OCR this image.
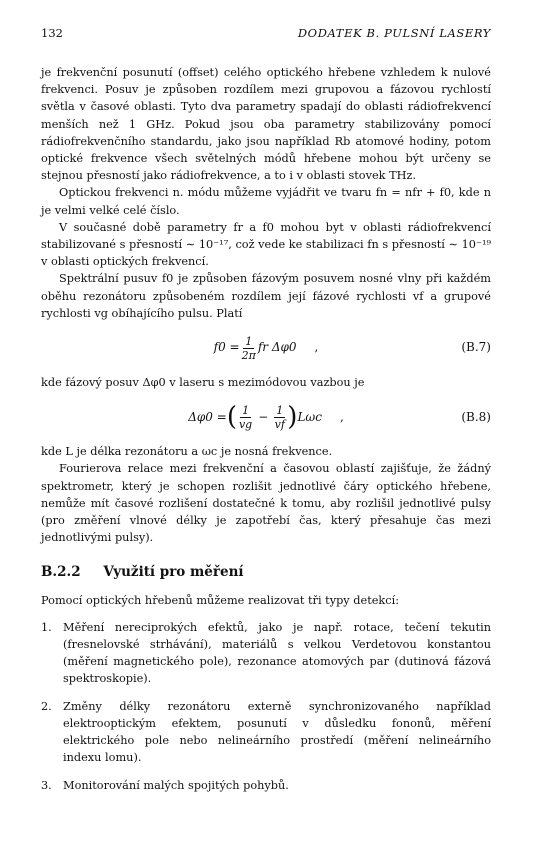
132	DODATEK B. PULSNÍ LASERY

je frekvenční posunutí (offset) celého optického hřebene vzhledem k nulové frekvenci. Posuv je způsoben rozdílem mezi grupovou a fázovou rychlostí světla v časové oblasti. Tyto dva parametry spadají do oblasti rádiofrekvencí menších než 1 GHz. Pokud jsou oba parametry stabilizovány pomocí rádiofrekvenčního standardu, jako jsou například Rb atomové hodiny, potom optické frekvence všech světelných módů hřebene mohou být určeny se stejnou přesností jako rádiofrekvence, a to i v oblasti stovek THz.

Optickou frekvenci n. módu můžeme vyjádřit ve tvaru fn = nfr + f0, kde n je velmi velké celé číslo.

V současné době parametry fr a f0 mohou byt v oblasti rádiofrekvencí stabilizované s přesností ∼ 10⁻¹⁷, což vede ke stabilizaci fn s přesností ∼ 10⁻¹⁹ v oblasti optických frekvencí.

Spektrální pusuv f0 je způsoben fázovým posuvem nosné vlny při každém oběhu rezonátoru způsobeném rozdílem její fázové rychlosti vf a grupové rychlosti vg obíhajícího pulsu. Platí

$f0 = \frac{1}{2\pi}$ fr Δφ0 ,	(B.7)

kde fázový posuv Δφ0 v laseru s mezimódovou vazbou je

Δφ0 = ( $\frac{1}{vg} - \frac{1}{vf}$ ) Lωc ,	(B.8)

kde L je délka rezonátoru a ωc je nosná frekvence.

Fourierova relace mezi frekvenční a časovou oblastí zajišťuje, že žádný spektrometr, který je schopen rozlišit jednotlivé čáry optického hřebene, nemůže mít časové rozlišení dostatečné k tomu, aby rozlišil jednotlivé pulsy (pro změření vlnové délky je zapotřebí čas, který přesahuje čas mezi jednotlivými pulsy).

B.2.2 Využití pro měření

Pomocí optických hřebenů můžeme realizovat tři typy detekcí:

1. Měření nereciprokých efektů, jako je např. rotace, tečení tekutin (fresnelovské strhávání), materiálů s velkou Verdetovou konstantou (měření magnetického pole), rezonance atomových par (dutinová fázová spektroskopie).
2. Změny délky rezonátoru externě synchronizovaného například elektrooptickým efektem, posunutí v důsledku fononů, měření elektrického pole nebo nelineárního prostředí (měření nelineárního indexu lomu).
3. Monitorování malých spojitých pohybů.
